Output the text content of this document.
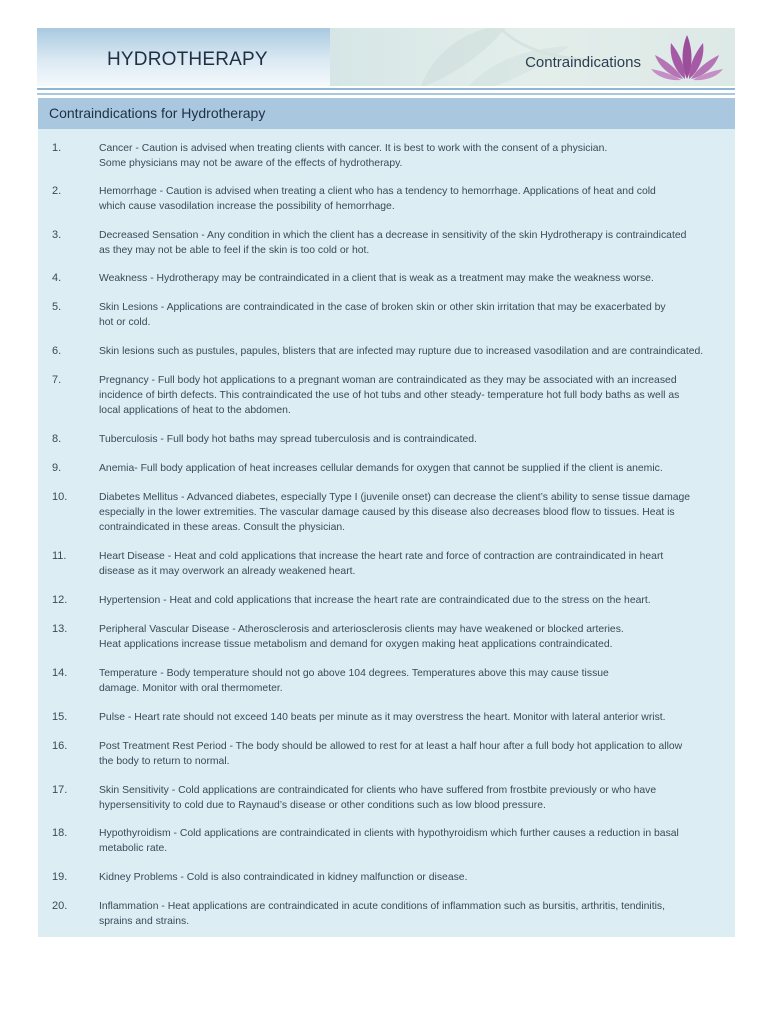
HYDROTHERAPY	Contraindications
Contraindications for Hydrotherapy
1.	Cancer - Caution is advised when treating clients with cancer. It is best to work with the consent of a physician.
Some physicians may not be aware of the effects of hydrotherapy.
2.	Hemorrhage - Caution is advised when treating a client who has a tendency to hemorrhage. Applications of heat and cold
which cause vasodilation increase the possibility of hemorrhage.
3.	Decreased Sensation - Any condition in which the client has a decrease in sensitivity of the skin Hydrotherapy is contraindicated
as they may not be able to feel if the skin is too cold or hot.
4.	Weakness - Hydrotherapy may be contraindicated in a client that is weak as a treatment may make the weakness worse.
5.	Skin Lesions - Applications are contraindicated in the case of broken skin or other skin irritation that may be exacerbated by
hot or cold.
6.	Skin lesions such as pustules, papules, blisters that are infected may rupture due to increased vasodilation and are contraindicated.
7.	Pregnancy - Full body hot applications to a pregnant woman are contraindicated as they may be associated with an increased
incidence of birth defects. This contraindicated the use of hot tubs and other steady- temperature hot full body baths as well as
local applications of heat to the abdomen.
8.	Tuberculosis - Full body hot baths may spread tuberculosis and is contraindicated.
9.	Anemia- Full body application of heat increases cellular demands for oxygen that cannot be supplied if the client is anemic.
10.	Diabetes Mellitus - Advanced diabetes, especially Type I (juvenile onset) can decrease the client’s ability to sense tissue damage
especially in the lower extremities. The vascular damage caused by this disease also decreases blood flow to tissues. Heat is
contraindicated in these areas. Consult the physician.
11.	Heart Disease - Heat and cold applications that increase the heart rate and force of contraction are contraindicated in heart
disease as it may overwork an already weakened heart.
12.	Hypertension - Heat and cold applications that increase the heart rate are contraindicated due to the stress on the heart.
13.	Peripheral Vascular Disease - Atherosclerosis and arteriosclerosis clients may have weakened or blocked arteries.
Heat applications increase tissue metabolism and demand for oxygen making heat applications contraindicated.
14.	Temperature - Body temperature should not go above 104 degrees. Temperatures above this may cause tissue
damage. Monitor with oral thermometer.
15.	Pulse - Heart rate should not exceed 140 beats per minute as it may overstress the heart. Monitor with lateral anterior wrist.
16.	Post Treatment Rest Period - The body should be allowed to rest for at least a half hour after a full body hot application to allow
the body to return to normal.
17.	Skin Sensitivity - Cold applications are contraindicated for clients who have suffered from frostbite previously or who have
hypersensitivity to cold due to Raynaud’s disease or other conditions such as low blood pressure.
18.	Hypothyroidism - Cold applications are contraindicated in clients with hypothyroidism which further causes a reduction in basal
metabolic rate.
19.	Kidney Problems - Cold is also contraindicated in kidney malfunction or disease.
20.	Inflammation - Heat applications are contraindicated in acute conditions of inflammation such as bursitis, arthritis, tendinitis,
sprains and strains.
